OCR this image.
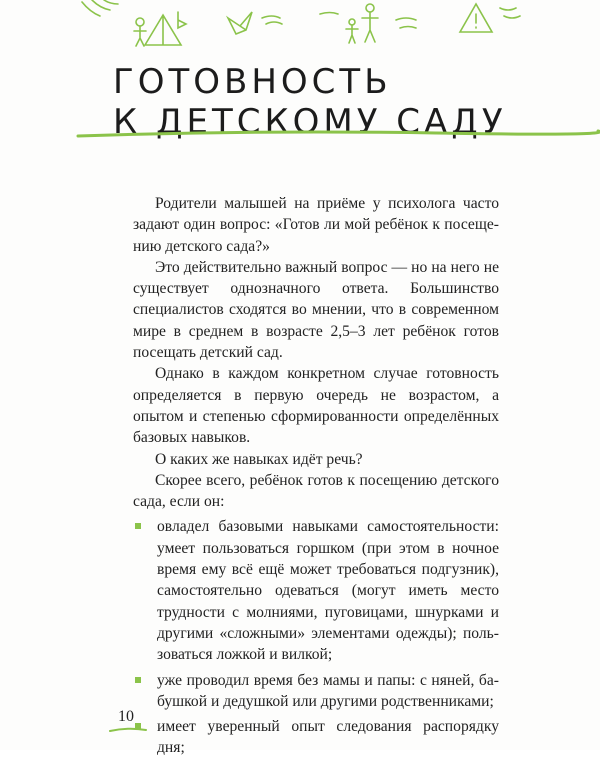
ГОТОВНОСТЬ
К ДЕТСКОМУ САДУ

Родители малышей на приёме у психолога часто задают один вопрос: «Готов ли мой ребёнок к посещению детского сада?»

Это действительно важный вопрос — но на него не существует однозначного ответа. Большинство специалистов сходятся во мнении, что в современном мире в среднем в возрасте 2,5–3 лет ребёнок готов посещать детский сад.

Однако в каждом конкретном случае готовность определяется в первую очередь не возрастом, а опытом и степенью сформированности определённых базовых навыков.

О каких же навыках идёт речь?

Скорее всего, ребёнок готов к посещению детского сада, если он:

овладел базовыми навыками самостоятельности: умеет пользоваться горшком (при этом в ночное время ему всё ещё может требоваться подгузник), самостоятельно одеваться (могут иметь место трудности с молниями, пуговицами, шнурками и другими «сложными» элементами одежды); пользоваться ложкой и вилкой;
уже проводил время без мамы и папы: с няней, бабушкой и дедушкой или другими родственниками;
имеет уверенный опыт следования распорядку дня;
10
